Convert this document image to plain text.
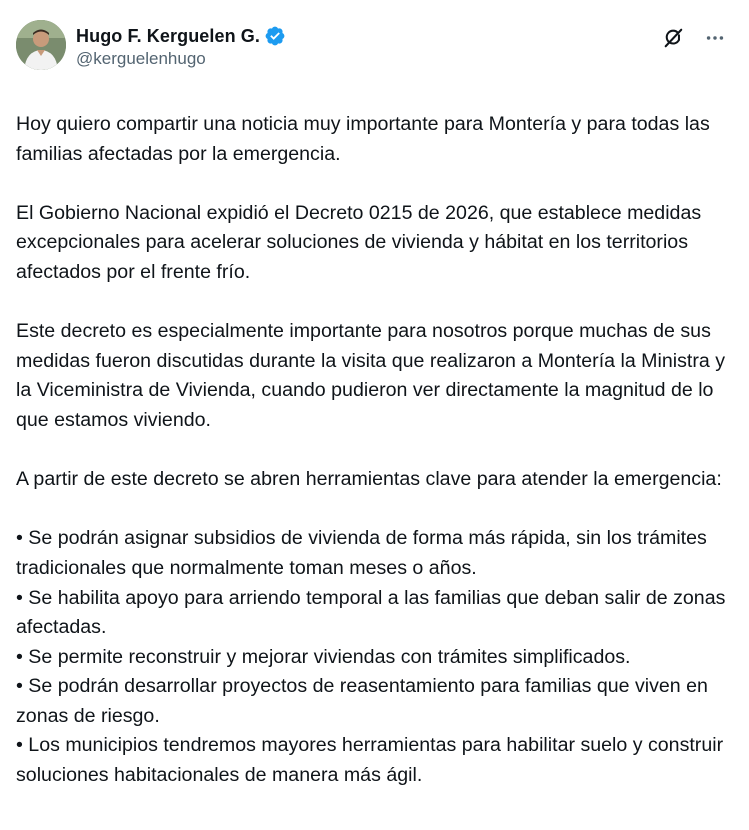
Hugo F. Kerguelen G.
@kerguelenhugo

Hoy quiero compartir una noticia muy importante para Montería y para todas las familias afectadas por la emergencia.

El Gobierno Nacional expidió el Decreto 0215 de 2026, que establece medidas excepcionales para acelerar soluciones de vivienda y hábitat en los territorios afectados por el frente frío.

Este decreto es especialmente importante para nosotros porque muchas de sus medidas fueron discutidas durante la visita que realizaron a Montería la Ministra y la Viceministra de Vivienda, cuando pudieron ver directamente la magnitud de lo que estamos viviendo.

A partir de este decreto se abren herramientas clave para atender la emergencia:

• Se podrán asignar subsidios de vivienda de forma más rápida, sin los trámites tradicionales que normalmente toman meses o años.
• Se habilita apoyo para arriendo temporal a las familias que deban salir de zonas afectadas.
• Se permite reconstruir y mejorar viviendas con trámites simplificados.
• Se podrán desarrollar proyectos de reasentamiento para familias que viven en zonas de riesgo.
• Los municipios tendremos mayores herramientas para habilitar suelo y construir soluciones habitacionales de manera más ágil.
